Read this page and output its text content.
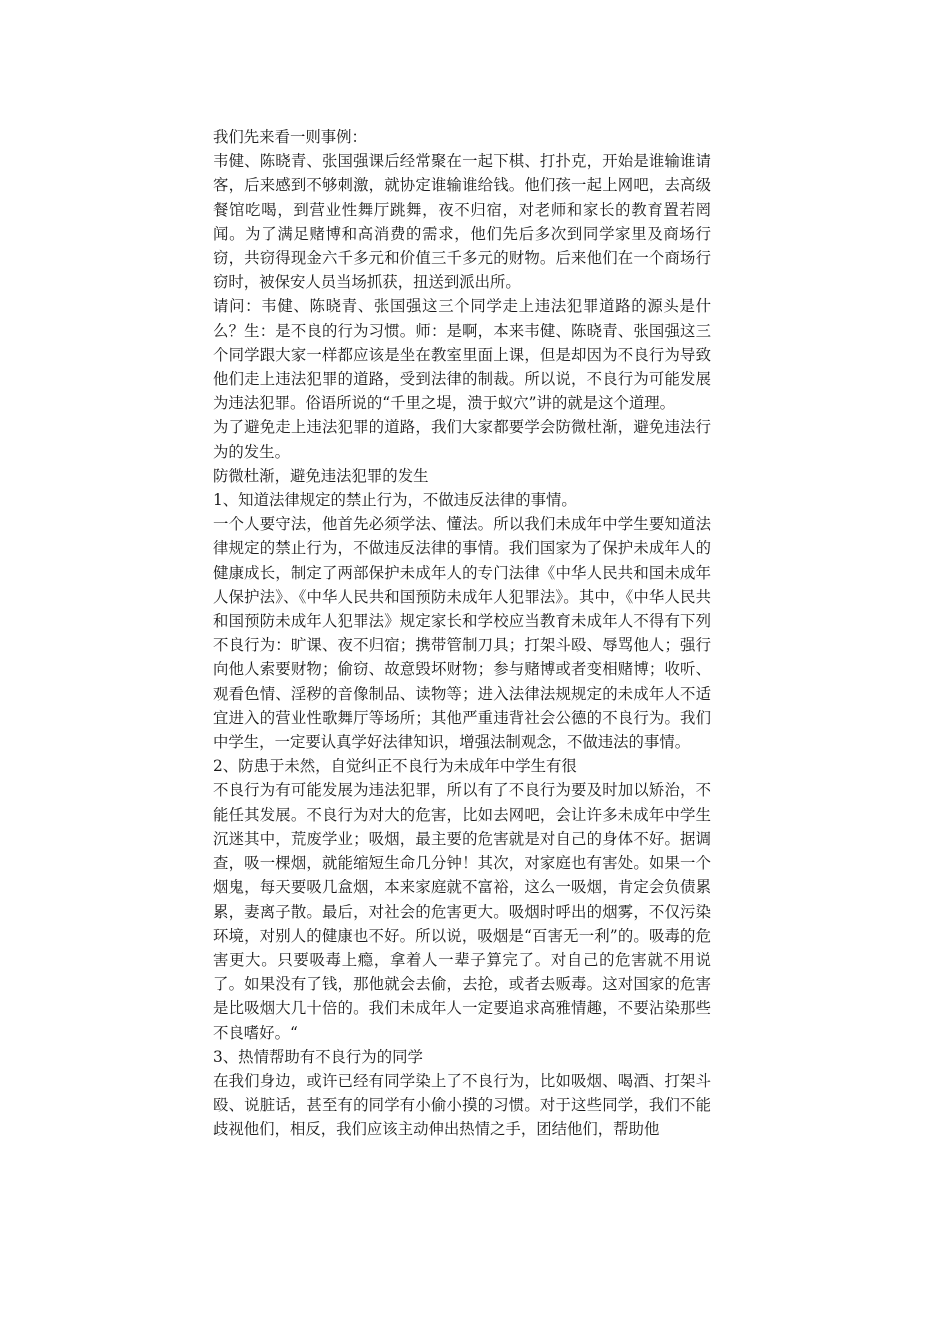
我们先来看一则事例：

韦健、陈晓青、张国强课后经常聚在一起下棋、打扑克，开始是谁输谁请客，后来感到不够刺激，就协定谁输谁给钱。他们孩一起上网吧，去高级餐馆吃喝，到营业性舞厅跳舞，夜不归宿，对老师和家长的教育置若罔闻。为了满足赌博和高消费的需求，他们先后多次到同学家里及商场行窃，共窃得现金六千多元和价值三千多元的财物。后来他们在一个商场行窃时，被保安人员当场抓获，扭送到派出所。

请问：韦健、陈晓青、张国强这三个同学走上违法犯罪道路的源头是什么？生：是不良的行为习惯。师：是啊，本来韦健、陈晓青、张国强这三个同学跟大家一样都应该是坐在教室里面上课，但是却因为不良行为导致他们走上违法犯罪的道路，受到法律的制裁。所以说，不良行为可能发展为违法犯罪。俗语所说的“千里之堤，溃于蚁穴”讲的就是这个道理。

为了避免走上违法犯罪的道路，我们大家都要学会防微杜渐，避免违法行为的发生。

防微杜渐，避免违法犯罪的发生

1、知道法律规定的禁止行为，不做违反法律的事情。

一个人要守法，他首先必须学法、懂法。所以我们未成年中学生要知道法律规定的禁止行为，不做违反法律的事情。我们国家为了保护未成年人的健康成长，制定了两部保护未成年人的专门法律《中华人民共和国未成年人保护法》、《中华人民共和国预防未成年人犯罪法》。其中，《中华人民共和国预防未成年人犯罪法》规定家长和学校应当教育未成年人不得有下列不良行为：旷课、夜不归宿；携带管制刀具；打架斗殴、辱骂他人；强行向他人索要财物；偷窃、故意毁坏财物；参与赌博或者变相赌博；收听、观看色情、淫秽的音像制品、读物等；进入法律法规规定的未成年人不适宜进入的营业性歌舞厅等场所；其他严重违背社会公德的不良行为。我们中学生，一定要认真学好法律知识，增强法制观念，不做违法的事情。

2、防患于未然，自觉纠正不良行为未成年中学生有很

不良行为有可能发展为违法犯罪，所以有了不良行为要及时加以矫治，不能任其发展。不良行为对大的危害，比如去网吧，会让许多未成年中学生沉迷其中，荒废学业；吸烟，最主要的危害就是对自己的身体不好。据调查，吸一棵烟，就能缩短生命几分钟！其次，对家庭也有害处。如果一个烟鬼，每天要吸几盒烟，本来家庭就不富裕，这么一吸烟，肯定会负债累累，妻离子散。最后，对社会的危害更大。吸烟时呼出的烟雾，不仅污染环境，对别人的健康也不好。所以说，吸烟是“百害无一利”的。吸毒的危害更大。只要吸毒上瘾，拿着人一辈子算完了。对自己的危害就不用说了。如果没有了钱，那他就会去偷，去抢，或者去贩毒。这对国家的危害是比吸烟大几十倍的。我们未成年人一定要追求高雅情趣，不要沾染那些不良嗜好。“

3、热情帮助有不良行为的同学

在我们身边，或许已经有同学染上了不良行为，比如吸烟、喝酒、打架斗殴、说脏话，甚至有的同学有小偷小摸的习惯。对于这些同学，我们不能歧视他们，相反，我们应该主动伸出热情之手，团结他们，帮助他
